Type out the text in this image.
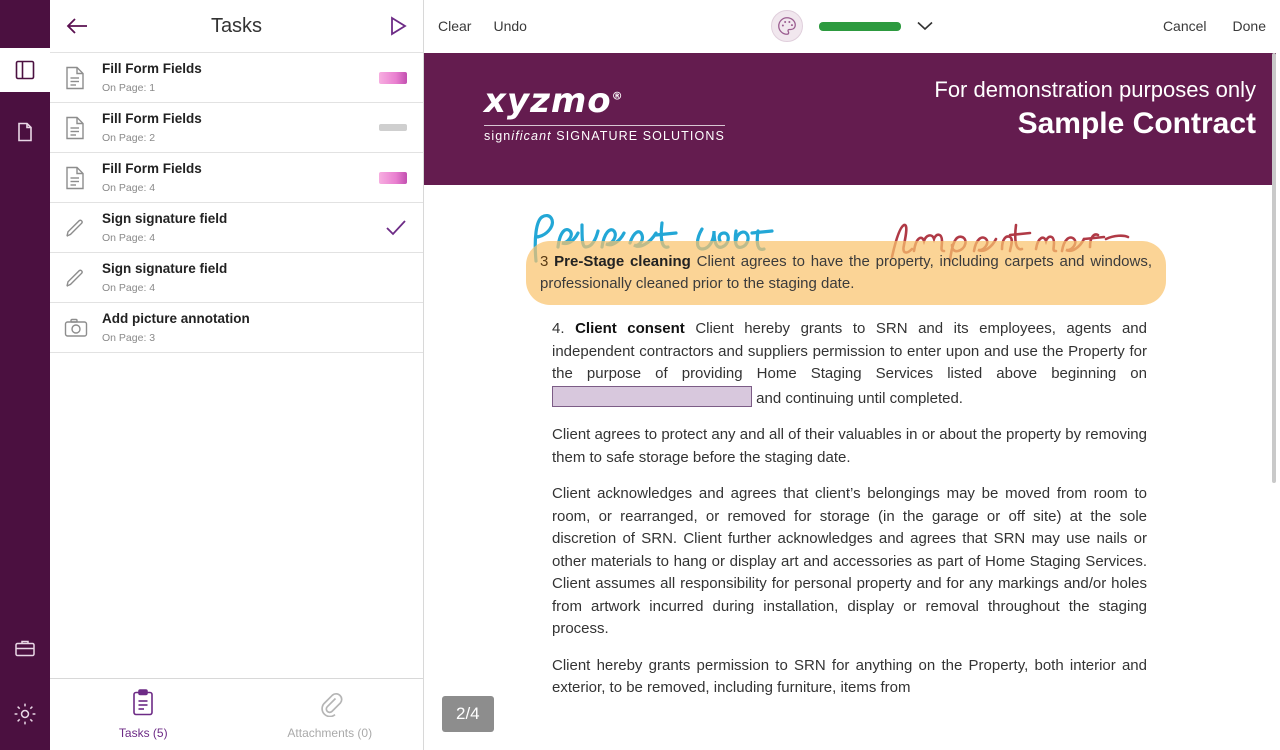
Tasks
Fill Form Fields
On Page: 1
Fill Form Fields
On Page: 2
Fill Form Fields
On Page: 4
Sign signature field
On Page: 4
Sign signature field
On Page: 4
Add picture annotation
On Page: 3
Tasks (5)	Attachments (0)
Clear Undo	Cancel Done
xyzmo®
significant SIGNATURE SOLUTIONS
For demonstration purposes only
Sample Contract
3 Pre-Stage cleaning Client agrees to have the property, including carpets and windows, professionally cleaned prior to the staging date.

4. Client consent Client hereby grants to SRN and its employees, agents and independent contractors and suppliers permission to enter upon and use the Property for the purpose of providing Home Staging Services listed above beginning on  and continuing until completed.

Client agrees to protect any and all of their valuables in or about the property by removing them to safe storage before the staging date.

Client acknowledges and agrees that client’s belongings may be moved from room to room, or rearranged, or removed for storage (in the garage or off site) at the sole discretion of SRN. Client further acknowledges and agrees that SRN may use nails or other materials to hang or display art and accessories as part of Home Staging Services. Client assumes all responsibility for personal property and for any markings and/or holes from artwork incurred during installation, display or removal throughout the staging process.

Client hereby grants permission to SRN for anything on the Property, both interior and exterior, to be removed, including furniture, items from

2/4
